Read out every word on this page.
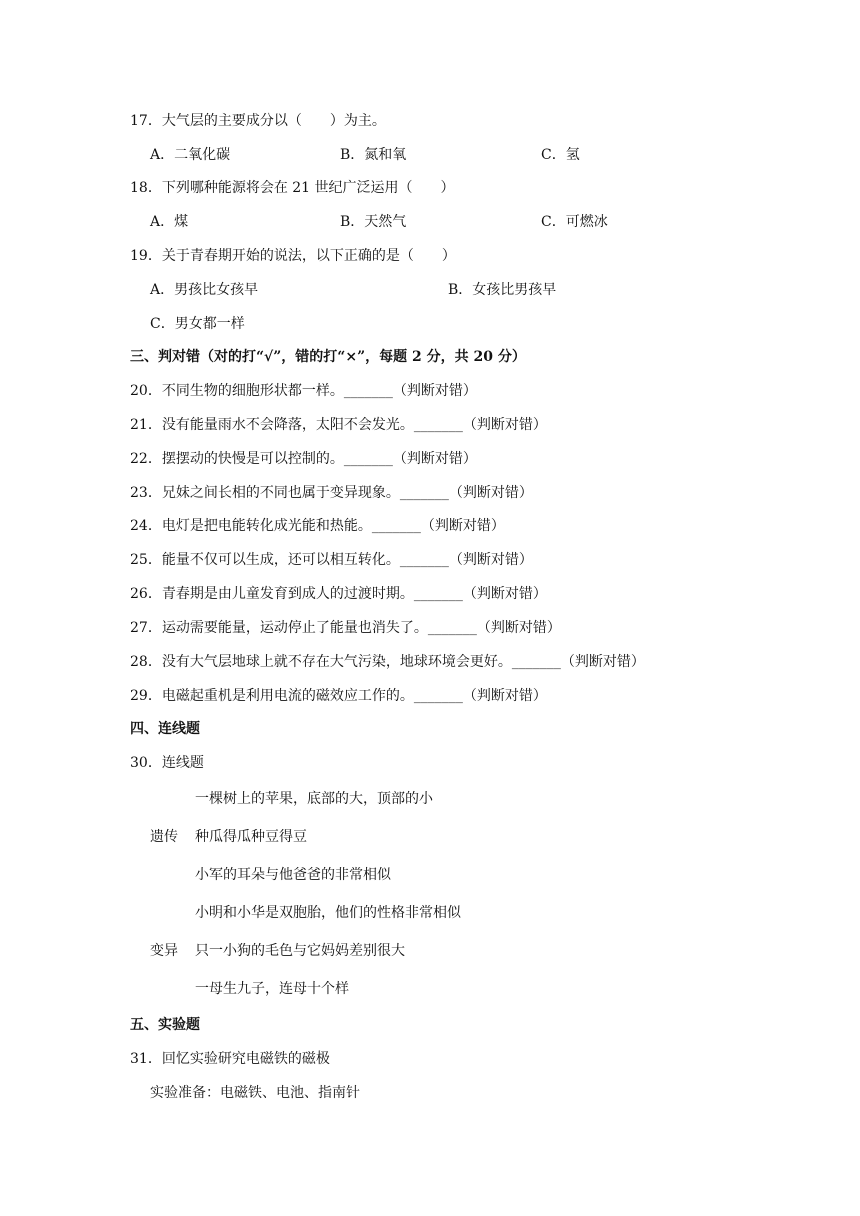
17．大气层的主要成分以（　　）为主。
A．二氧化碳	B．氮和氧	C．氢
18．下列哪种能源将会在 21 世纪广泛运用（　　）
A．煤	B．天然气	C．可燃冰
19．关于青春期开始的说法，以下正确的是（　　）
A．男孩比女孩早	B．女孩比男孩早
C．男女都一样
三、判对错（对的打“√”，错的打“×”，每题 2 分，共 20 分）
20．不同生物的细胞形状都一样。_______（判断对错）
21．没有能量雨水不会降落，太阳不会发光。_______（判断对错）
22．摆摆动的快慢是可以控制的。_______（判断对错）
23．兄妹之间长相的不同也属于变异现象。_______（判断对错）
24．电灯是把电能转化成光能和热能。_______（判断对错）
25．能量不仅可以生成，还可以相互转化。_______（判断对错）
26．青春期是由儿童发育到成人的过渡时期。_______（判断对错）
27．运动需要能量，运动停止了能量也消失了。_______（判断对错）
28．没有大气层地球上就不存在大气污染，地球环境会更好。_______（判断对错）
29．电磁起重机是利用电流的磁效应工作的。_______（判断对错）
四、连线题
30．连线题
一棵树上的苹果，底部的大，顶部的小
遗传 种瓜得瓜种豆得豆
小军的耳朵与他爸爸的非常相似
小明和小华是双胞胎，他们的性格非常相似
变异 只一小狗的毛色与它妈妈差别很大
一母生九子，连母十个样
五、实验题
31．回忆实验研究电磁铁的磁极
实验准备：电磁铁、电池、指南针
